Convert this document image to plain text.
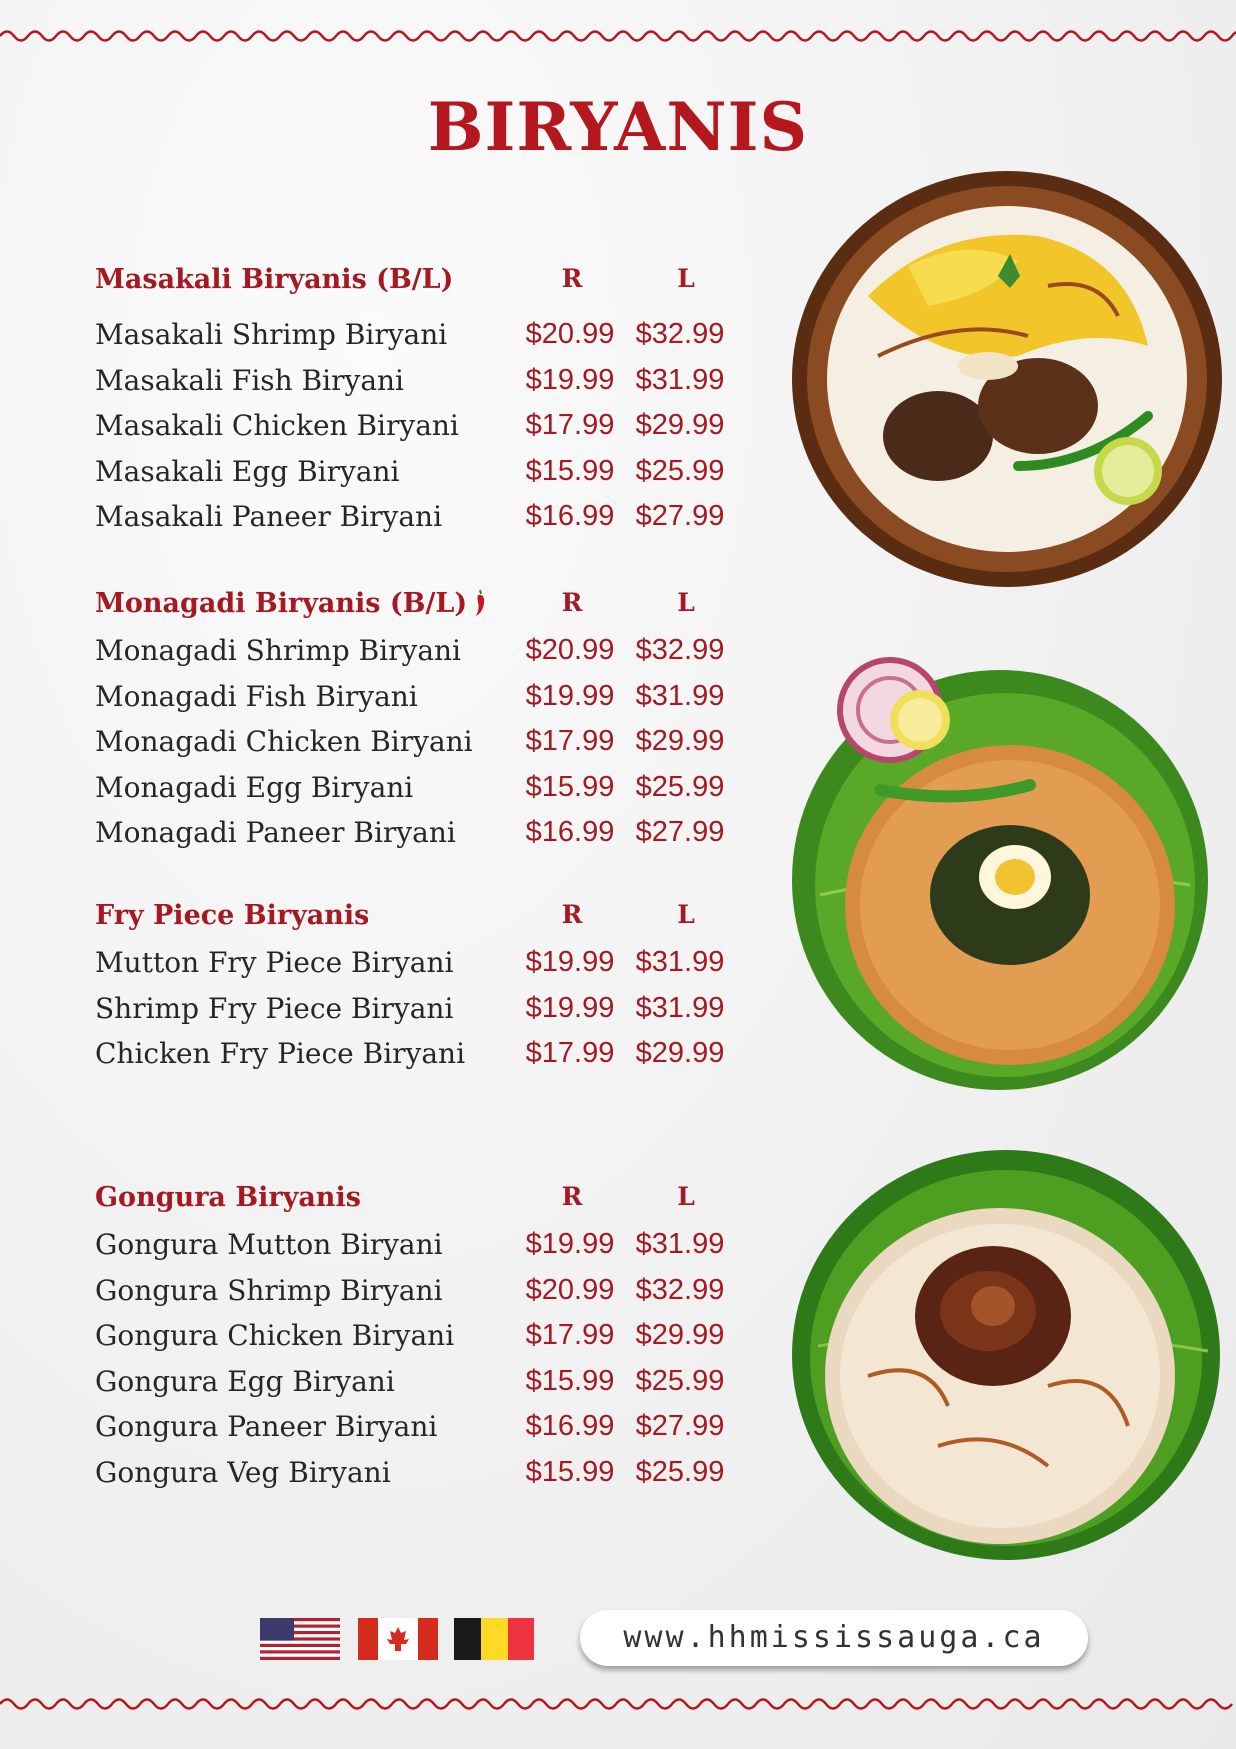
BIRYANIS
Masakali Biryanis (B/L)	R	L
Masakali Shrimp Biryani	$20.99 $32.99
Masakali Fish Biryani	$19.99 $31.99
Masakali Chicken Biryani	$17.99 $29.99
Masakali Egg Biryani	$15.99 $25.99
Masakali Paneer Biryani	$16.99 $27.99
Monagadi Biryanis (B/L)	R	L
Monagadi Shrimp Biryani	$20.99 $32.99
Monagadi Fish Biryani	$19.99 $31.99
Monagadi Chicken Biryani	$17.99 $29.99
Monagadi Egg Biryani	$15.99 $25.99
Monagadi Paneer Biryani	$16.99 $27.99
Fry Piece Biryanis	R	L
Mutton Fry Piece Biryani	$19.99 $31.99
Shrimp Fry Piece Biryani	$19.99 $31.99
Chicken Fry Piece Biryani	$17.99 $29.99
Gongura Biryanis	R	L
Gongura Mutton Biryani	$19.99 $31.99
Gongura Shrimp Biryani	$20.99 $32.99
Gongura Chicken Biryani	$17.99 $29.99
Gongura Egg Biryani	$15.99 $25.99
Gongura Paneer Biryani	$16.99 $27.99
Gongura Veg Biryani	$15.99 $25.99
www.hhmississauga.ca
